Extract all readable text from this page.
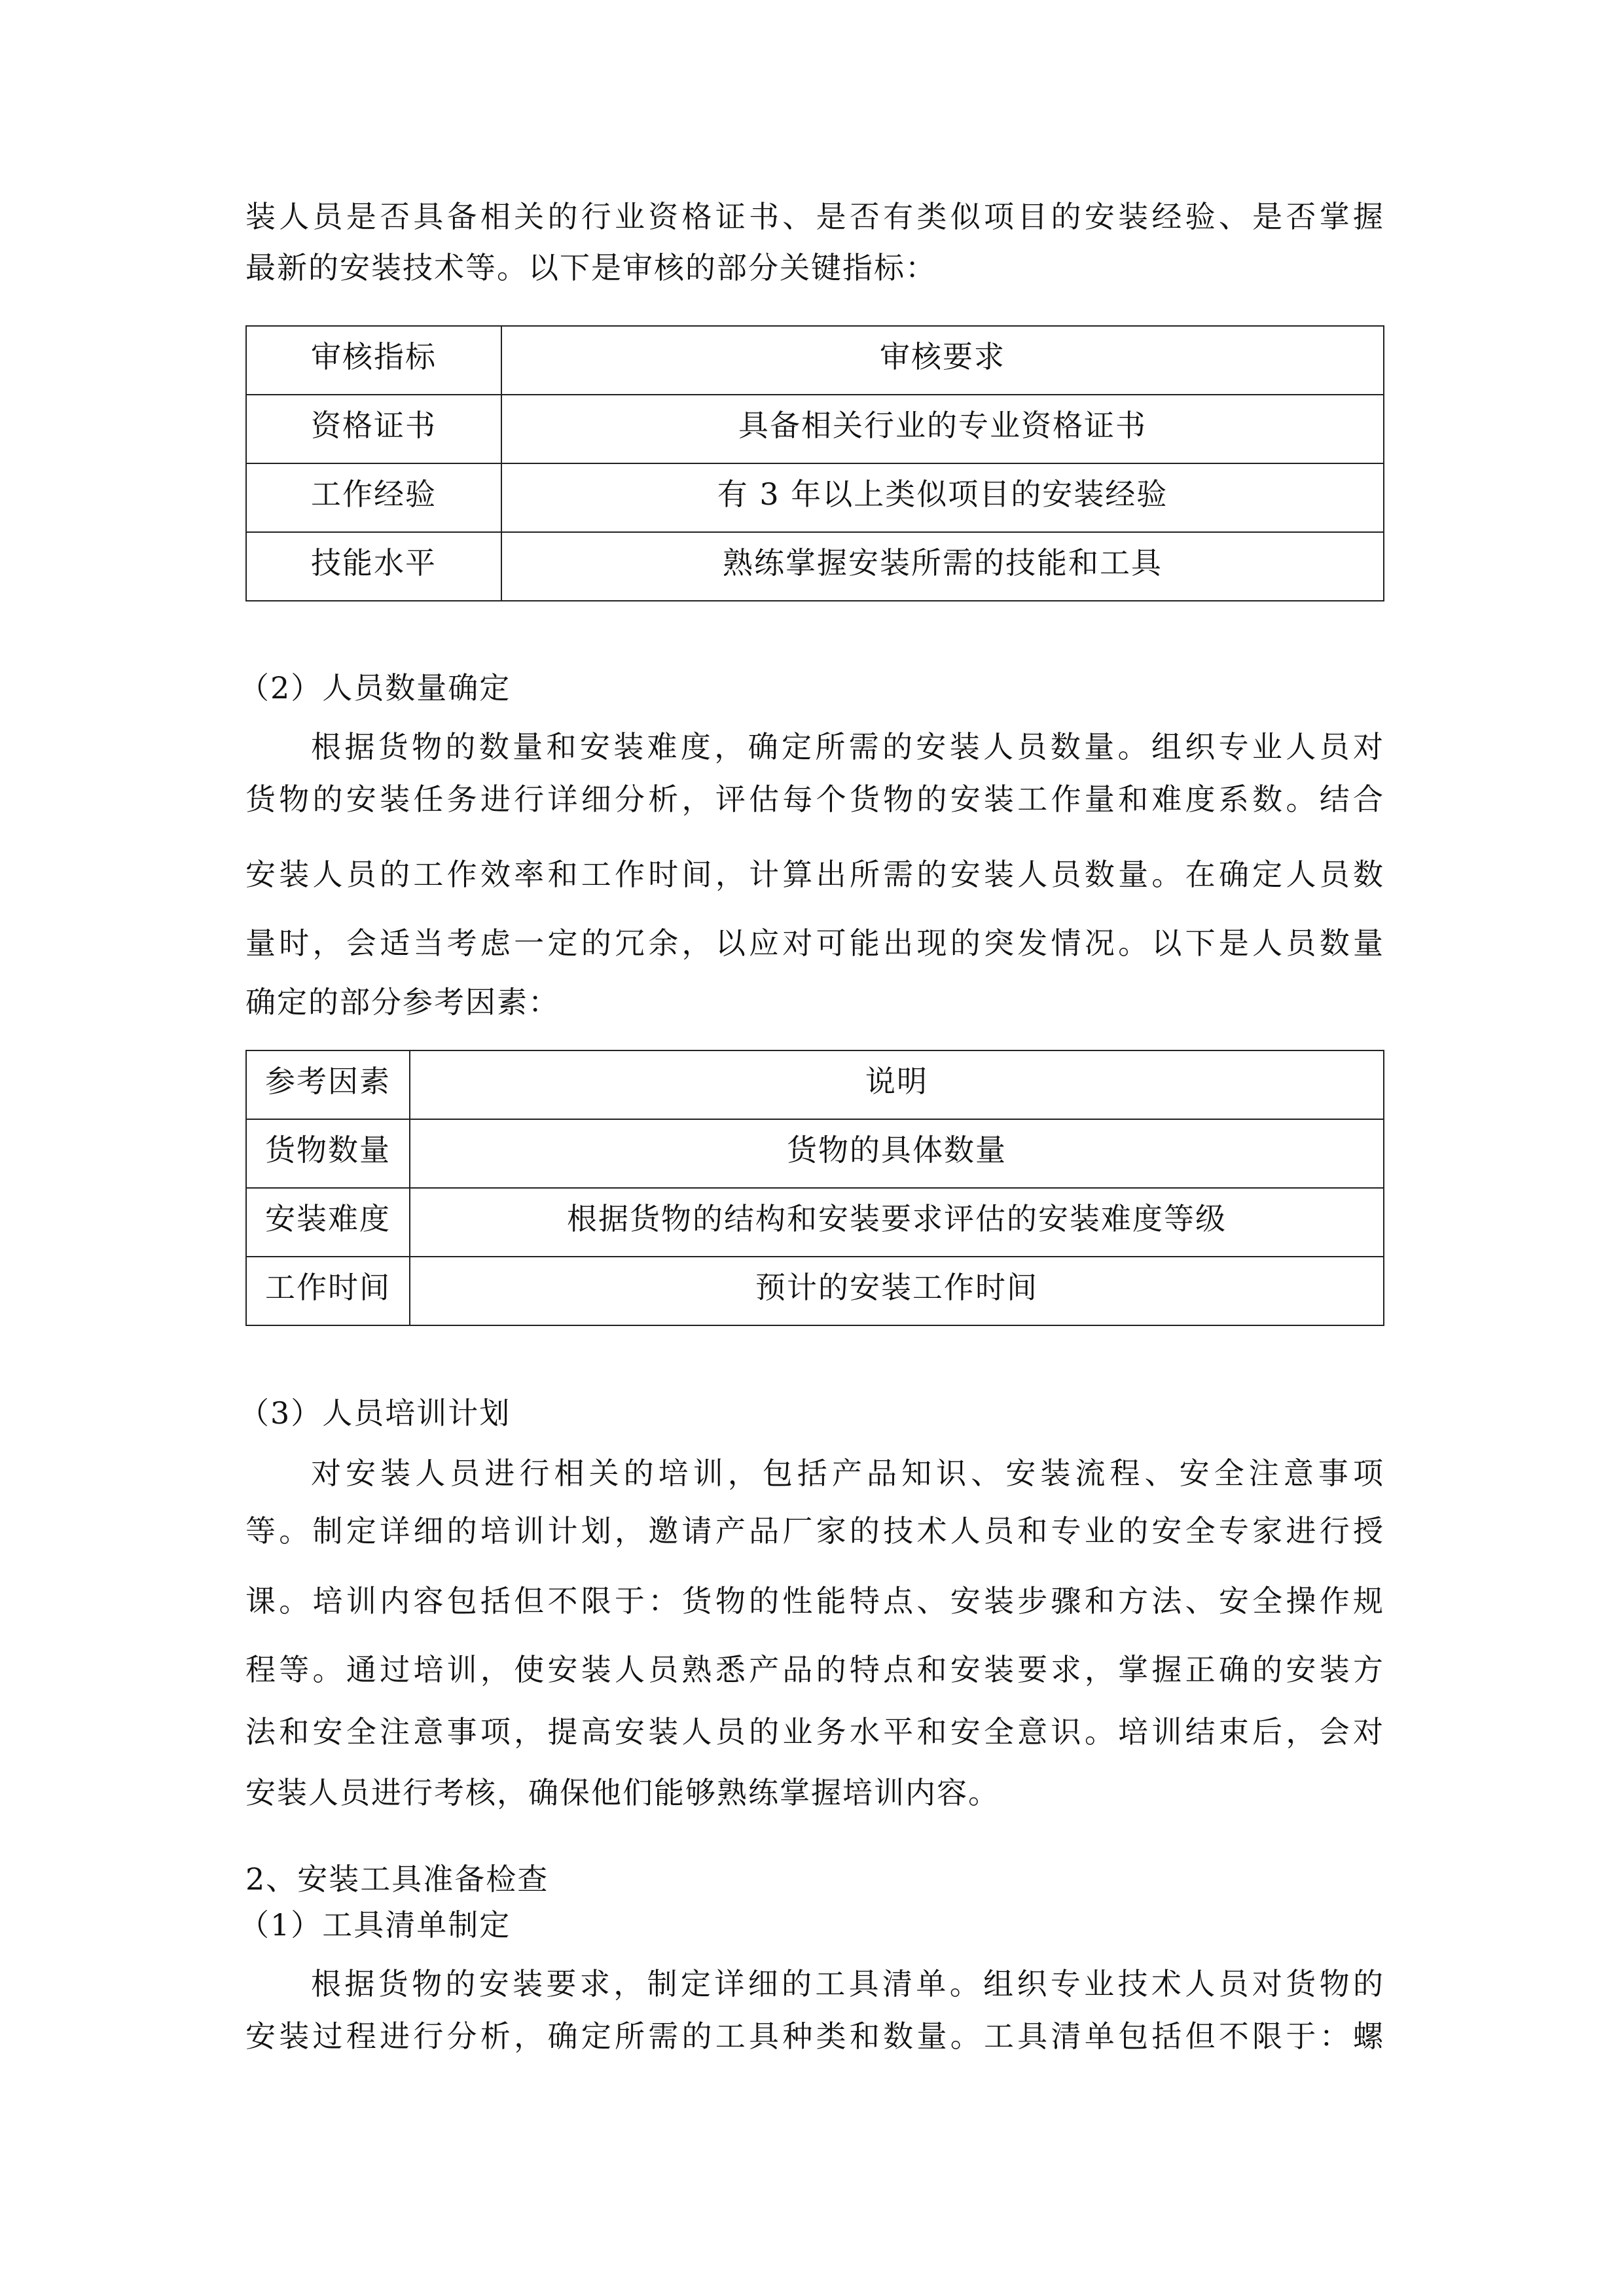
装人员是否具备相关的行业资格证书、是否有类似项目的安装经验、是否掌握

最新的安装技术等。以下是审核的部分关键指标：

审核指标	审核要求
资格证书	具备相关行业的专业资格证书
工作经验	有 3 年以上类似项目的安装经验
技能水平	熟练掌握安装所需的技能和工具

（2）人员数量确定

根据货物的数量和安装难度，确定所需的安装人员数量。组织专业人员对

货物的安装任务进行详细分析，评估每个货物的安装工作量和难度系数。结合

安装人员的工作效率和工作时间，计算出所需的安装人员数量。在确定人员数

量时，会适当考虑一定的冗余，以应对可能出现的突发情况。以下是人员数量

确定的部分参考因素：

参考因素	说明
货物数量	货物的具体数量
安装难度	根据货物的结构和安装要求评估的安装难度等级
工作时间	预计的安装工作时间

（3）人员培训计划

对安装人员进行相关的培训，包括产品知识、安装流程、安全注意事项

等。制定详细的培训计划，邀请产品厂家的技术人员和专业的安全专家进行授

课。培训内容包括但不限于：货物的性能特点、安装步骤和方法、安全操作规

程等。通过培训，使安装人员熟悉产品的特点和安装要求，掌握正确的安装方

法和安全注意事项，提高安装人员的业务水平和安全意识。培训结束后，会对

安装人员进行考核，确保他们能够熟练掌握培训内容。

2、安装工具准备检查

（1）工具清单制定

根据货物的安装要求，制定详细的工具清单。组织专业技术人员对货物的

安装过程进行分析，确定所需的工具种类和数量。工具清单包括但不限于：螺
